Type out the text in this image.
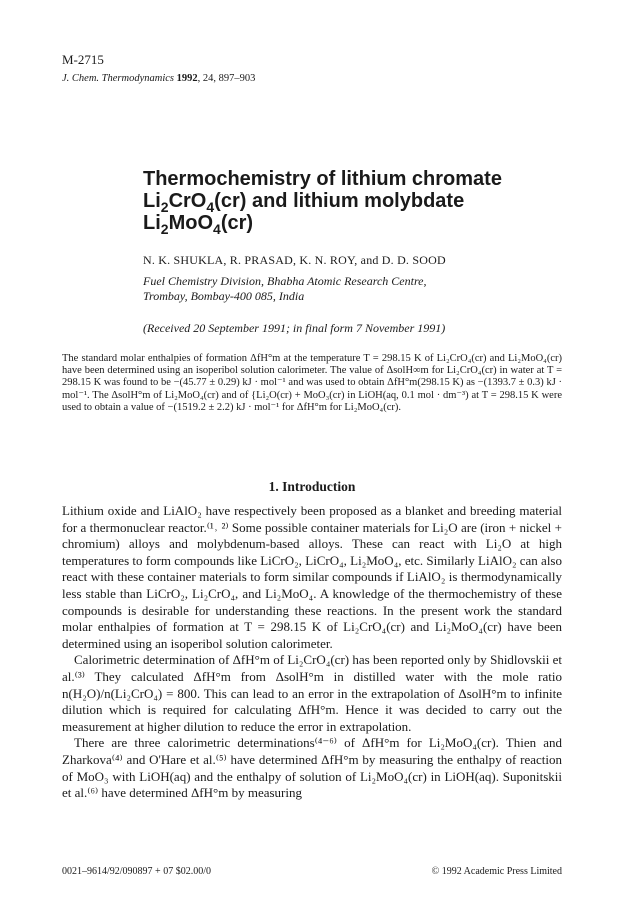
M-2715
J. Chem. Thermodynamics 1992, 24, 897–903
Thermochemistry of lithium chromate
$Li_2CrO_4(cr)$ and lithium molybdate
$Li_2MoO_4(cr)$
N. K. SHUKLA, R. PRASAD, K. N. ROY, and D. D. SOOD
Fuel Chemistry Division, Bhabha Atomic Research Centre,
Trombay, Bombay-400 085, India
(Received 20 September 1991; in final form 7 November 1991)

The standard molar enthalpies of formation ΔfH°m at the temperature T = 298.15 K of Li₂CrO₄(cr) and Li₂MoO₄(cr) have been determined using an isoperibol solution calorimeter. The value of ΔsolH∞m for Li₂CrO₄(cr) in water at T = 298.15 K was found to be −(45.77 ± 0.29) kJ · mol⁻¹ and was used to obtain ΔfH°m(298.15 K) as −(1393.7 ± 0.3) kJ · mol⁻¹. The ΔsolH°m of Li₂MoO₄(cr) and of {Li₂O(cr) + MoO₃(cr) in LiOH(aq, 0.1 mol · dm⁻³) at T = 298.15 K were used to obtain a value of −(1519.2 ± 2.2) kJ · mol⁻¹ for ΔfH°m for Li₂MoO₄(cr).

1. Introduction

Lithium oxide and LiAlO₂ have respectively been proposed as a blanket and breeding material for a thermonuclear reactor.⁽¹˒ ²⁾ Some possible container materials for Li₂O are (iron + nickel + chromium) alloys and molybdenum-based alloys. These can react with Li₂O at high temperatures to form compounds like LiCrO₂, LiCrO₄, Li₂MoO₄, etc. Similarly LiAlO₂ can also react with these container materials to form similar compounds if LiAlO₂ is thermodynamically less stable than LiCrO₂, Li₂CrO₄, and Li₂MoO₄. A knowledge of the thermochemistry of these compounds is desirable for understanding these reactions. In the present work the standard molar enthalpies of formation at T = 298.15 K of Li₂CrO₄(cr) and Li₂MoO₄(cr) have been determined using an isoperibol solution calorimeter.

Calorimetric determination of ΔfH°m of Li₂CrO₄(cr) has been reported only by Shidlovskii et al.⁽³⁾ They calculated ΔfH°m from ΔsolH°m in distilled water with the mole ratio n(H₂O)/n(Li₂CrO₄) = 800. This can lead to an error in the extrapolation of ΔsolH°m to infinite dilution which is required for calculating ΔfH°m. Hence it was decided to carry out the measurement at higher dilution to reduce the error in extrapolation.

There are three calorimetric determinations⁽⁴⁻⁶⁾ of ΔfH°m for Li₂MoO₄(cr). Thien and Zharkova⁽⁴⁾ and O'Hare et al.⁽⁵⁾ have determined ΔfH°m by measuring the enthalpy of reaction of MoO₃ with LiOH(aq) and the enthalpy of solution of Li₂MoO₄(cr) in LiOH(aq). Suponitskii et al.⁽⁶⁾ have determined ΔfH°m by measuring

0021–9614/92/090897 + 07 $02.00/0	© 1992 Academic Press Limited
